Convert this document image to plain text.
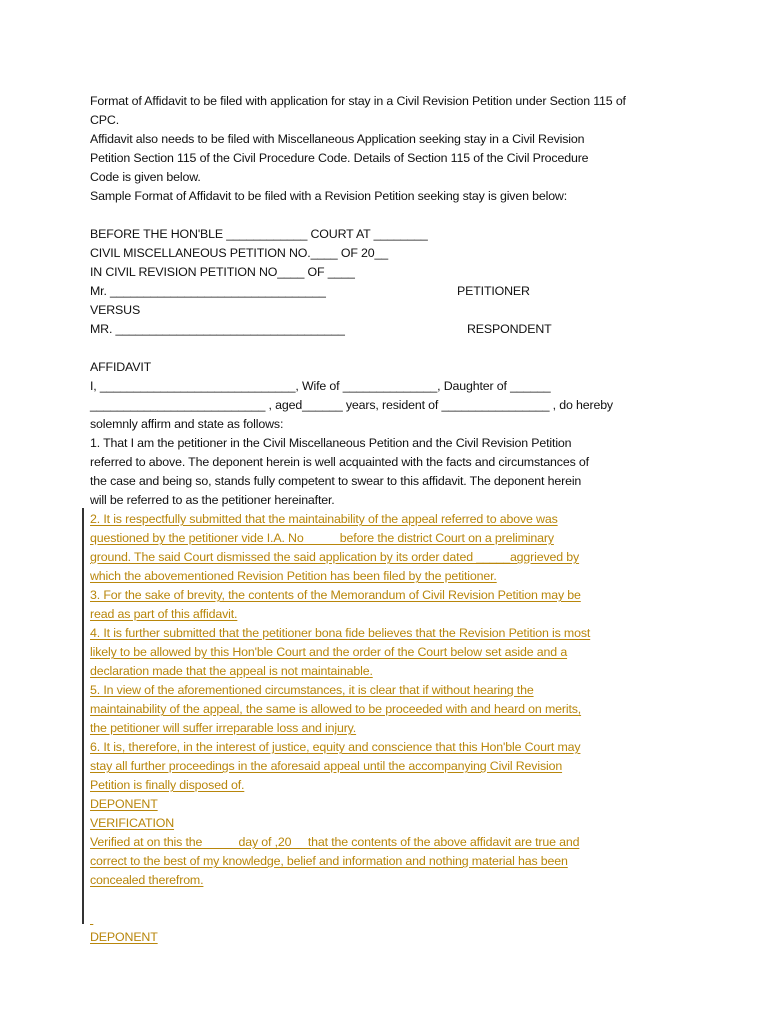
Format of Affidavit to be filed with application for stay in a Civil Revision Petition under Section 115 of

CPC.

Affidavit also needs to be filed with Miscellaneous Application seeking stay in a Civil Revision

Petition Section 115 of the Civil Procedure Code. Details of Section 115 of the Civil Procedure

Code is given below.

Sample Format of Affidavit to be filed with a Revision Petition seeking stay is given below:

BEFORE THE HON'BLE ____________ COURT AT ________

CIVIL MISCELLANEOUS PETITION NO.____ OF 20__

IN CIVIL REVISION PETITION NO____ OF ____

Mr. ________________________________	PETITIONER

VERSUS

MR. __________________________________	RESPONDENT

AFFIDAVIT

I, _____________________________, Wife of ______________, Daughter of ______

__________________________ , aged______ years, resident of ________________ , do hereby

solemnly affirm and state as follows:

1. That I am the petitioner in the Civil Miscellaneous Petition and the Civil Revision Petition

referred to above. The deponent herein is well acquainted with the facts and circumstances of

the case and being so, stands fully competent to swear to this affidavit. The deponent herein

will be referred to as the petitioner hereinafter.

2. It is respectfully submitted that the maintainability of the appeal referred to above was

questioned by the petitioner vide I.A. No           before the district Court on a preliminary

ground. The said Court dismissed the said application by its order dated _____aggrieved by

which the abovementioned Revision Petition has been filed by the petitioner.

3. For the sake of brevity, the contents of the Memorandum of Civil Revision Petition may be

read as part of this affidavit.

4. It is further submitted that the petitioner bona fide believes that the Revision Petition is most

likely to be allowed by this Hon'ble Court and the order of the Court below set aside and a

declaration made that the appeal is not maintainable.

5. In view of the aforementioned circumstances, it is clear that if without hearing the

maintainability of the appeal, the same is allowed to be proceeded with and heard on merits,

the petitioner will suffer irreparable loss and injury.

6. It is, therefore, in the interest of justice, equity and conscience that this Hon'ble Court may

stay all further proceedings in the aforesaid appeal until the accompanying Civil Revision

Petition is finally disposed of.

DEPONENT

VERIFICATION

Verified at on this the           day of ,20     that the contents of the above affidavit are true and

correct to the best of my knowledge, belief and information and nothing material has been

concealed therefrom.

DEPONENT
